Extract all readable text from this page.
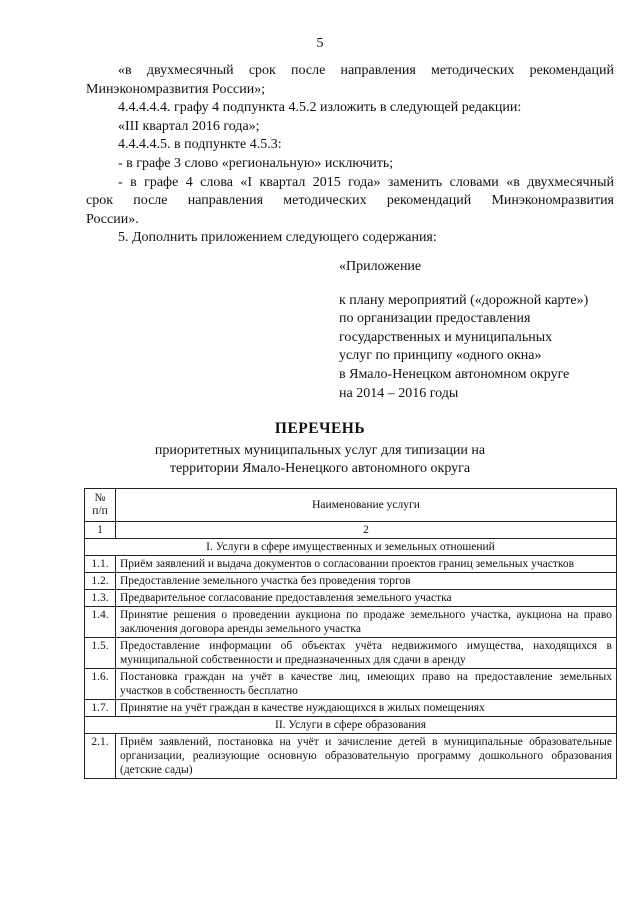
5

«в двухмесячный срок после направления методических рекомендаций

Минэкономразвития России»;

4.4.4.4.4. графу 4 подпункта 4.5.2 изложить в следующей редакции:

«III квартал 2016 года»;

4.4.4.4.5. в подпункте 4.5.3:

- в графе 3 слово «региональную» исключить;

- в графе 4 слова «I квартал 2015 года» заменить словами «в двухмесячный

срок после направления методических рекомендаций Минэкономразвития

России».

5. Дополнить приложением следующего содержания:

«Приложение

к плану мероприятий («дорожной карте»)

по организации предоставления

государственных и муниципальных

услуг по принципу «одного окна»

в Ямало-Ненецком автономном округе

на 2014 – 2016 годы

ПЕРЕЧЕНЬ

приоритетных муниципальных услуг для типизации на

территории Ямало-Ненецкого автономного округа

№
п/п	Наименование услуги
1	2
I. Услуги в сфере имущественных и земельных отношений	
1.1.	Приём заявлений и выдача документов о согласовании проектов границ земельных участков
1.2.	Предоставление земельного участка без проведения торгов
1.3.	Предварительное согласование предоставления земельного участка
1.4.	Принятие решения о проведении аукциона по продаже земельного участка, аукциона на право заключения договора аренды земельного участка
1.5.	Предоставление информации об объектах учёта недвижимого имущества, находящихся в муниципальной собственности и предназначенных для сдачи в аренду
1.6.	Постановка граждан на учёт в качестве лиц, имеющих право на предоставление земельных участков в собственность бесплатно
1.7.	Принятие на учёт граждан в качестве нуждающихся в жилых помещениях
II. Услуги в сфере образования	
2.1.	Приём заявлений, постановка на учёт и зачисление детей в муниципальные образовательные организации, реализующие основную образовательную программу дошкольного образования (детские сады)
